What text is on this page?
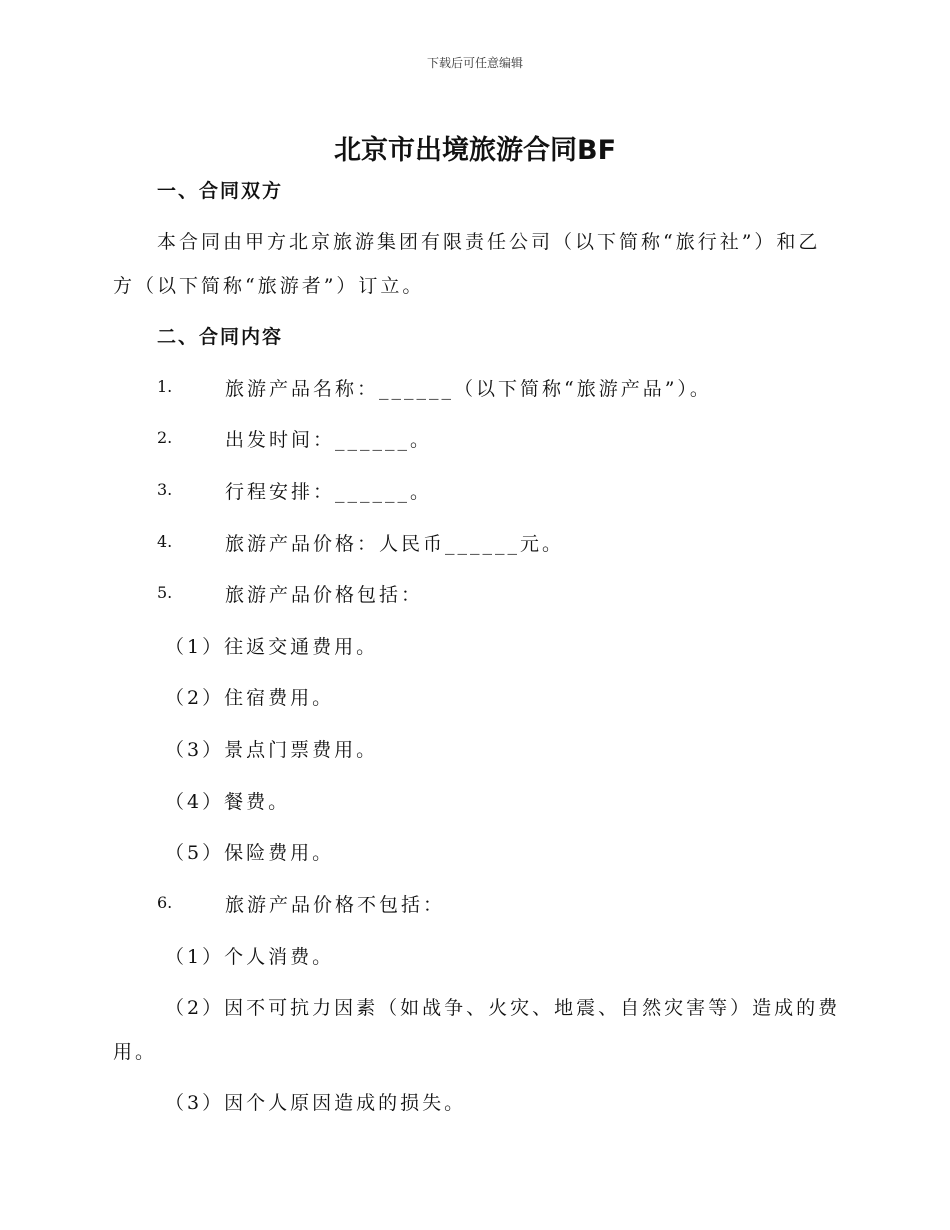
下载后可任意编辑
北京市出境旅游合同BF
一、合同双方
本合同由甲方北京旅游集团有限责任公司（以下简称“旅行社”）和乙
方（以下简称“旅游者”）订立。
二、合同内容
1.	旅游产品名称：______（以下简称“旅游产品”）。
2.	出发时间：______。
3.	行程安排：______。
4.	旅游产品价格：人民币______元。
5.	旅游产品价格包括：
（1）往返交通费用。
（2）住宿费用。
（3）景点门票费用。
（4）餐费。
（5）保险费用。
6.	旅游产品价格不包括：
（1）个人消费。
（2）因不可抗力因素（如战争、火灾、地震、自然灾害等）造成的费
用。
（3）因个人原因造成的损失。
